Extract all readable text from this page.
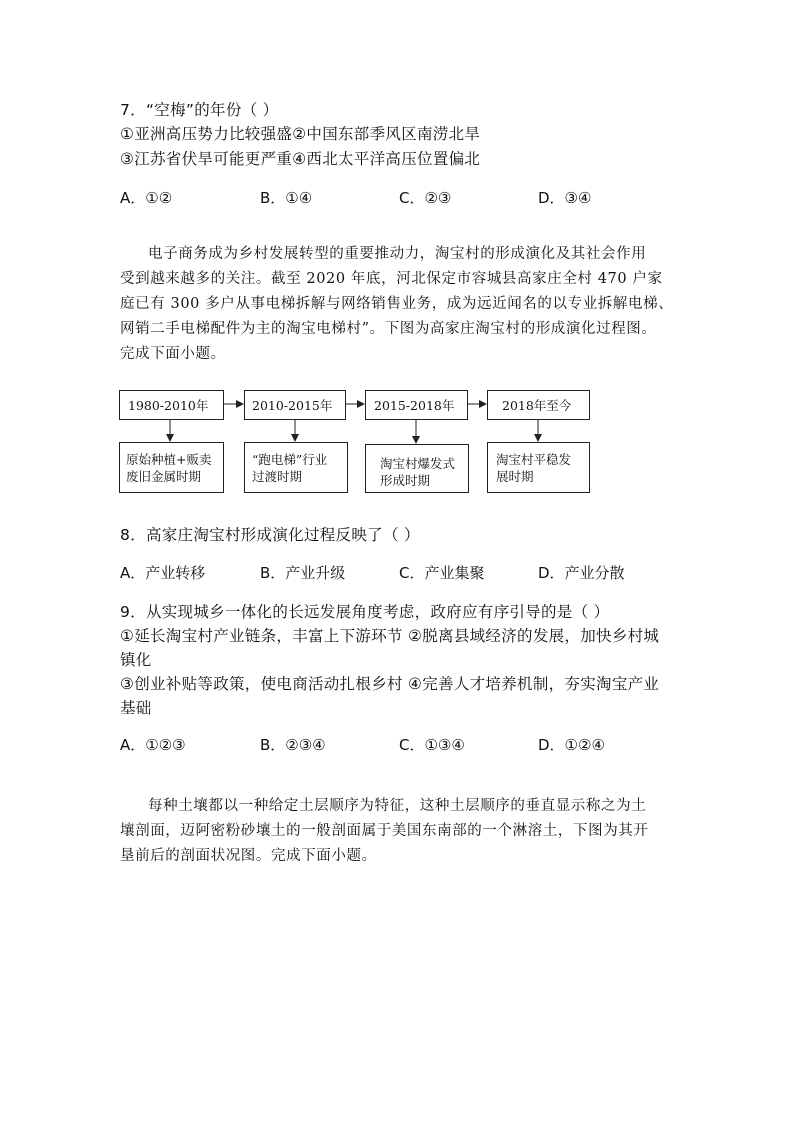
7．“空梅”的年份（ ）
①亚洲高压势力比较强盛②中国东部季风区南涝北旱
③江苏省伏旱可能更严重④西北太平洋高压位置偏北
A．①②	B．①④	C．②③	D．③④
电子商务成为乡村发展转型的重要推动力，淘宝村的形成演化及其社会作用
受到越来越多的关注。截至 2020 年底，河北保定市容城县高家庄全村 470 户家
庭已有 300 多户从事电梯拆解与网络销售业务，成为远近闻名的以专业拆解电梯、
网销二手电梯配件为主的淘宝电梯村”。下图为高家庄淘宝村的形成演化过程图。
完成下面小题。
1980-2010年	2010-2015年	2015-2018年	2018年至今
原始种植+贩卖
废旧金属时期
“跑电梯”行业
过渡时期
淘宝村爆发式
形成时期
淘宝村平稳发
展时期
8．高家庄淘宝村形成演化过程反映了（ ）
A．产业转移	B．产业升级	C．产业集聚	D．产业分散
9．从实现城乡一体化的长远发展角度考虑，政府应有序引导的是（ ）
①延长淘宝村产业链条，丰富上下游环节 ②脱离县域经济的发展，加快乡村城
镇化
③创业补贴等政策，使电商活动扎根乡村 ④完善人才培养机制，夯实淘宝产业
基础
A．①②③	B．②③④	C．①③④	D．①②④
每种土壤都以一种给定土层顺序为特征，这种土层顺序的垂直显示称之为土
壤剖面，迈阿密粉砂壤土的一般剖面属于美国东南部的一个淋溶土，下图为其开
垦前后的剖面状况图。完成下面小题。
